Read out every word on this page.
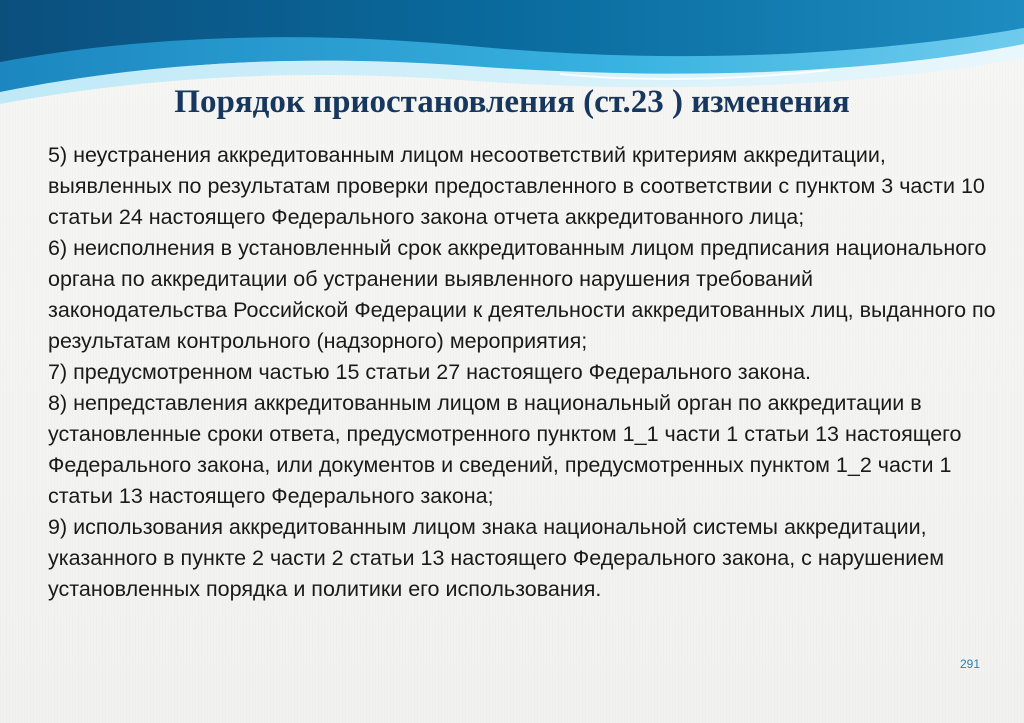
Порядок приостановления (ст.23 ) изменения

5) неустранения аккредитованным лицом несоответствий критериям аккредитации, выявленных по результатам проверки предоставленного в соответствии с пунктом 3 части 10 статьи 24 настоящего Федерального закона отчета аккредитованного лица;

6) неисполнения в установленный срок аккредитованным лицом предписания национального органа по аккредитации об устранении выявленного нарушения требований законодательства Российской Федерации к деятельности аккредитованных лиц, выданного по результатам контрольного (надзорного) мероприятия;

7) предусмотренном частью 15 статьи 27 настоящего Федерального закона.

8) непредставления аккредитованным лицом в национальный орган по аккредитации в установленные сроки ответа, предусмотренного пунктом 1_1 части 1 статьи 13 настоящего Федерального закона, или документов и сведений, предусмотренных пунктом 1_2 части 1 статьи 13 настоящего Федерального закона;

9) использования аккредитованным лицом знака национальной системы аккредитации, указанного в пункте 2 части 2 статьи 13 настоящего Федерального закона, с нарушением установленных порядка и политики его использования.

291
